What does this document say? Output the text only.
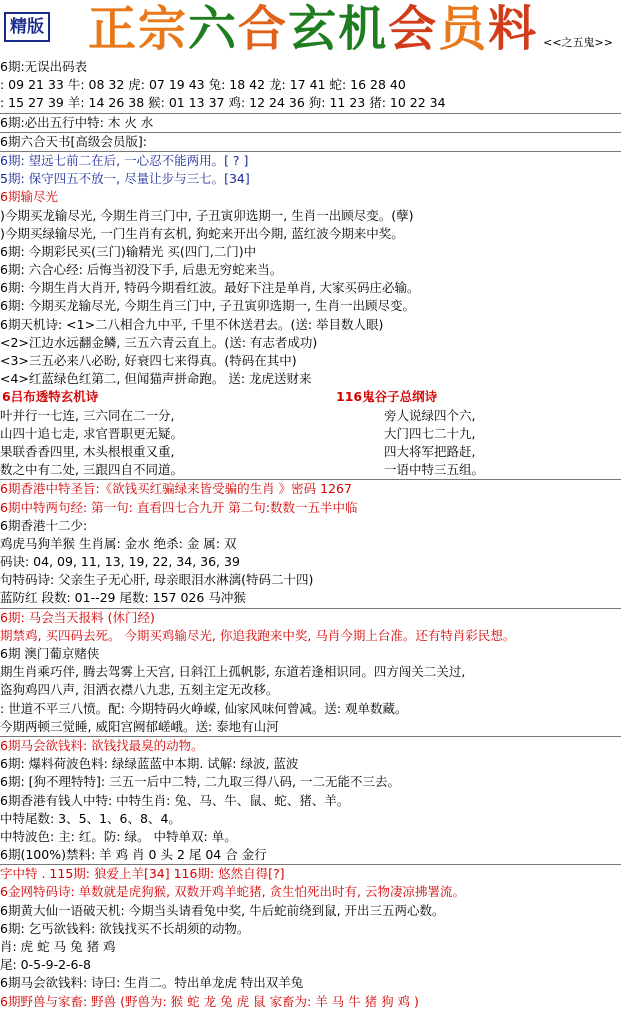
精版 正宗六合玄机会员料 <<之五鬼>>
6期:无误出码表
: 09 21 33 牛: 08 32 虎: 07 19 43 兔: 18 42 龙: 17 41 蛇: 16 28 40
: 15 27 39 羊: 14 26 38 猴: 01 13 37 鸡: 12 24 36 狗: 11 23 猪: 10 22 34
6期:必出五行中特: 木 火 水
6期六合天书[高级会员版]:
6期: 望远七前二在后, 一心忍不能两用。[ ? ]
5期: 保守四五不放一, 尽量让步与三七。[34]
6期输尽光
)今期买龙输尽光, 今期生肖三门中, 子丑寅卯选期一, 生肖一出顾尽变。(孽)
)今期买绿输尽光, 一门生肖有玄机, 狗蛇来开出今期, 蓝红波今期来中奖。
6期: 今期彩民买(三门)输精光 买(四门,二门)中
6期: 六合心经: 后悔当初没下手, 后患无穷蛇来当。
6期: 今期生肖大肖开, 特码今期看红波。最好下注是单肖, 大家买码庄必输。
6期: 今期买龙输尽光, 今期生肖三门中, 子丑寅卯选期一, 生肖一出顾尽变。
6期天机诗: <1>二八相合九中平, 千里不休送君去。(送: 举目数人眼)
<2>江边水远翻金鳞, 三五六青云直上。(送: 有志者成功)
<3>三五必来八必盼, 好衰四七来得真。(特码在其中)
<4>红蓝绿色红第二, 但闻猫声拼命跑。 送: 龙虎送财来
6吕布透特玄机诗	116鬼谷子总纲诗
叶并行一七连, 三六同在二一分,	旁人说绿四个六,
山四十追七走, 求官晋职更无疑。	大门四七二十九,
果联香香四里, 木头根根重又重,	四大将军把路赶,
数之中有二处, 三跟四自不同道。	一语中特三五组。
6期香港中特圣旨:《欲钱买红骗绿来皆受骗的生肖 》密码 1267
6期中特两句经: 第一句: 直看四七合九开 第二句:数数一五半中临
6期香港十二少:
鸡虎马狗羊猴 生肖属: 金水 绝杀: 金 属: 双
码诀: 04, 09, 11, 13, 19, 22, 34, 36, 39
句特码诗: 父亲生子无心肝, 母亲眼泪水淋漓(特码二十四)
蓝防红 段数: 01--29 尾数: 157 026 马冲猴
6期: 马会当天报料 (休门经)
期禁鸡, 买四码去死。 今期买鸡输尽光, 你追我跑来中奖, 马肖今期上台准。还有特肖彩民想。
6期 澳门葡京赌侠
期生肖乘巧伴, 腾去驾雾上天宫, 日斜江上孤帆影, 东道若逢相识同。四方闯关二关过,
盗狗鸡四八声, 泪洒衣襟八九悲, 五刻主定无改移。
: 世道不平三八愤。配: 今期特码火峥嵘, 仙家风味何曾减。送: 观单数藏。
今期两顿三觉睡, 威阳宫阙郁嵯峨。送: 泰地有山河
6期马会欲钱料: 欲钱找最臭的动物。
6期: 爆料荷波色料: 绿绿蓝蓝中本期. 试解: 绿波, 蓝波
6期: [狗不理特特]: 三五一后中二特, 二九取三得八码, 一二无能不三去。
6期香港有钱人中特: 中特生肖: 兔、马、牛、鼠、蛇、猪、羊。
中特尾数: 3、5、1、6、8、4。
中特波色: 主: 红。防: 绿。 中特单双: 单。
6期(100%)禁料: 羊 鸡 肖 0 头 2 尾 04 合 金行
字中特 . 115期: 狼爱上羊[34] 116期: 悠然自得[?]
6金网特码诗: 单数就是虎狗猴, 双数开鸡羊蛇猪, 贪生怕死出时有, 云物凄凉拂署流。
6期黄大仙一语破天机: 今期当头请看兔中奖, 牛后蛇前绕到鼠, 开出三五两心数。
6期: 乞丐欲钱料: 欲钱找买不长胡须的动物。
肖: 虎 蛇 马 兔 猪 鸡
尾: 0-5-9-2-6-8
6期马会欲钱料: 诗曰: 生肖二。特出单龙虎 特出双羊兔
6期野兽与家畜: 野兽 (野兽为: 猴 蛇 龙 兔 虎 鼠 家畜为: 羊 马 牛 猪 狗 鸡 )
